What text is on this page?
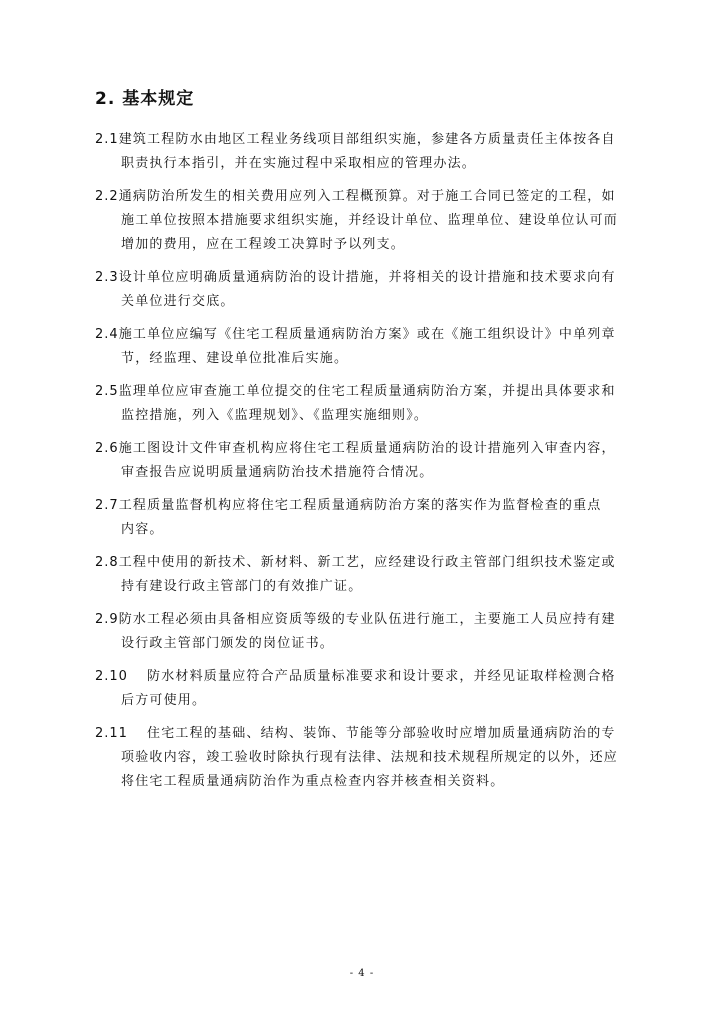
2. 基本规定
2.1建筑工程防水由地区工程业务线项目部组织实施，参建各方质量责任主体按各自
职责执行本指引，并在实施过程中采取相应的管理办法。
2.2通病防治所发生的相关费用应列入工程概预算。对于施工合同已签定的工程，如
施工单位按照本措施要求组织实施，并经设计单位、监理单位、建设单位认可而
增加的费用，应在工程竣工决算时予以列支。
2.3设计单位应明确质量通病防治的设计措施，并将相关的设计措施和技术要求向有
关单位进行交底。
2.4施工单位应编写《住宅工程质量通病防治方案》或在《施工组织设计》中单列章
节，经监理、建设单位批准后实施。
2.5监理单位应审查施工单位提交的住宅工程质量通病防治方案，并提出具体要求和
监控措施，列入《监理规划》、《监理实施细则》。
2.6施工图设计文件审查机构应将住宅工程质量通病防治的设计措施列入审查内容，
审查报告应说明质量通病防治技术措施符合情况。
2.7工程质量监督机构应将住宅工程质量通病防治方案的落实作为监督检查的重点
内容。
2.8工程中使用的新技术、新材料、新工艺，应经建设行政主管部门组织技术鉴定或
持有建设行政主管部门的有效推广证。
2.9防水工程必须由具备相应资质等级的专业队伍进行施工，主要施工人员应持有建
设行政主管部门颁发的岗位证书。
2.10 防水材料质量应符合产品质量标准要求和设计要求，并经见证取样检测合格
后方可使用。
2.11 住宅工程的基础、结构、装饰、节能等分部验收时应增加质量通病防治的专
项验收内容，竣工验收时除执行现有法律、法规和技术规程所规定的以外，还应
将住宅工程质量通病防治作为重点检查内容并核查相关资料。
- 4 -
